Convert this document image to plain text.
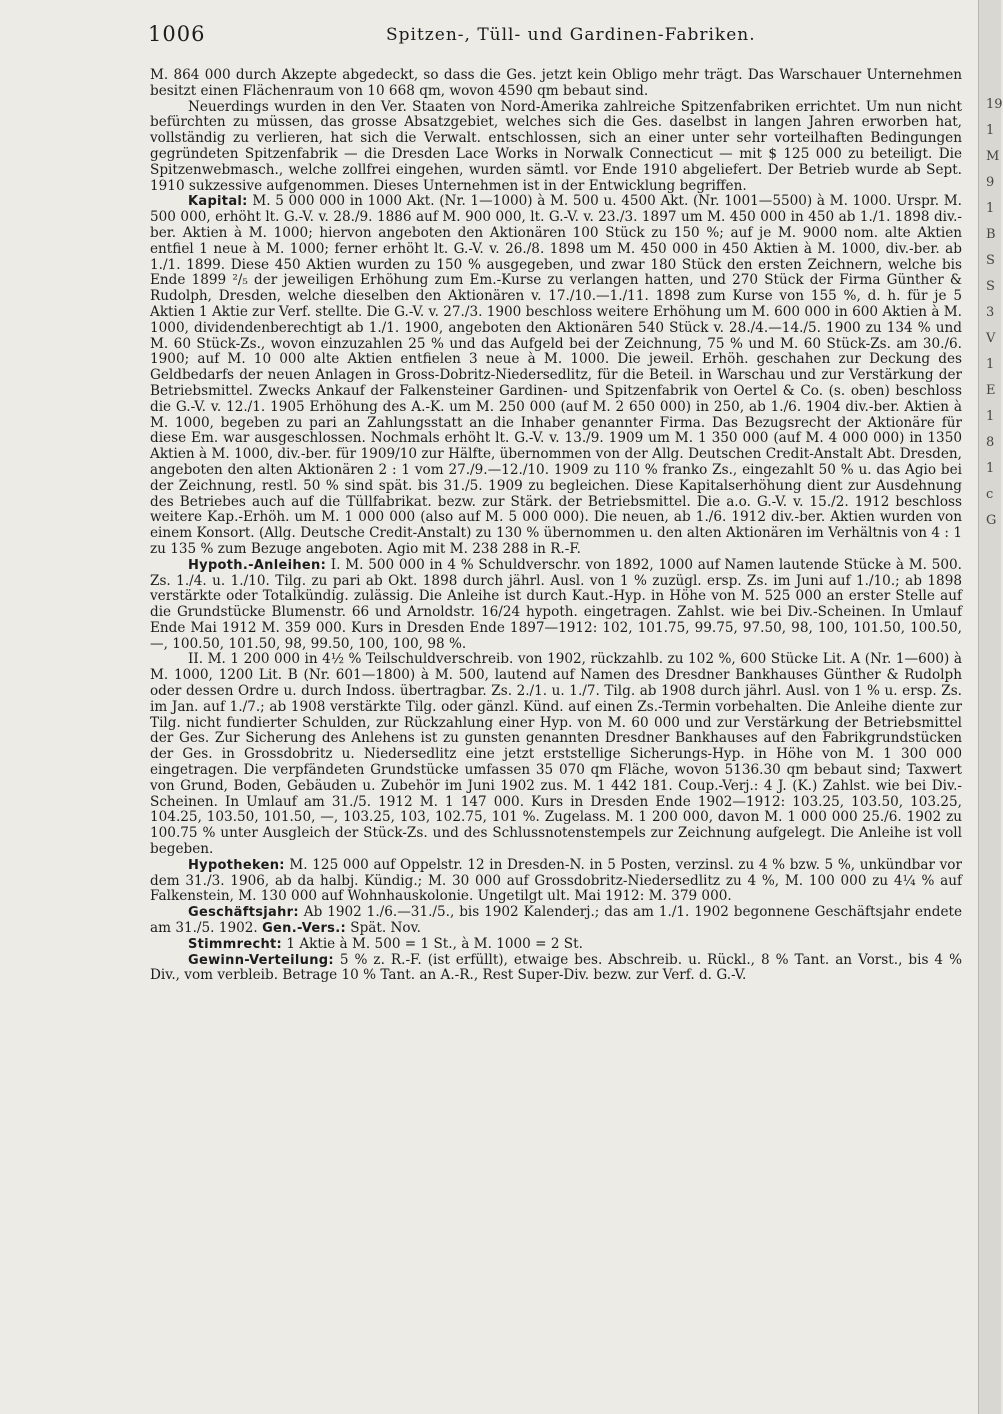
19
1
M
9
1
B
S
S
3
V
1
E
1
8
1
c
G
1006	Spitzen-, Tüll- und Gardinen-Fabriken.

M. 864 000 durch Akzepte abgedeckt, so dass die Ges. jetzt kein Obligo mehr trägt. Das Warschauer Unternehmen besitzt einen Flächenraum von 10 668 qm, wovon 4590 qm bebaut sind.

Neuerdings wurden in den Ver. Staaten von Nord-Amerika zahlreiche Spitzenfabriken errichtet. Um nun nicht befürchten zu müssen, das grosse Absatzgebiet, welches sich die Ges. daselbst in langen Jahren erworben hat, vollständig zu verlieren, hat sich die Verwalt. entschlossen, sich an einer unter sehr vorteilhaften Bedingungen gegründeten Spitzenfabrik — die Dresden Lace Works in Norwalk Connecticut — mit $ 125 000 zu beteiligt. Die Spitzenwebmasch., welche zollfrei eingehen, wurden sämtl. vor Ende 1910 abgeliefert. Der Betrieb wurde ab Sept. 1910 sukzessive aufgenommen. Dieses Unternehmen ist in der Entwicklung begriffen.

Kapital: M. 5 000 000 in 1000 Akt. (Nr. 1—1000) à M. 500 u. 4500 Akt. (Nr. 1001—5500) à M. 1000. Urspr. M. 500 000, erhöht lt. G.-V. v. 28./9. 1886 auf M. 900 000, lt. G.-V. v. 23./3. 1897 um M. 450 000 in 450 ab 1./1. 1898 div.-ber. Aktien à M. 1000; hiervon angeboten den Aktionären 100 Stück zu 150 %; auf je M. 9000 nom. alte Aktien entfiel 1 neue à M. 1000; ferner erhöht lt. G.-V. v. 26./8. 1898 um M. 450 000 in 450 Aktien à M. 1000, div.-ber. ab 1./1. 1899. Diese 450 Aktien wurden zu 150 % ausgegeben, und zwar 180 Stück den ersten Zeichnern, welche bis Ende 1899 ²/₅ der jeweiligen Erhöhung zum Em.-Kurse zu verlangen hatten, und 270 Stück der Firma Günther & Rudolph, Dresden, welche dieselben den Aktionären v. 17./10.—1./11. 1898 zum Kurse von 155 %, d. h. für je 5 Aktien 1 Aktie zur Verf. stellte. Die G.-V. v. 27./3. 1900 beschloss weitere Erhöhung um M. 600 000 in 600 Aktien à M. 1000, dividendenberechtigt ab 1./1. 1900, angeboten den Aktionären 540 Stück v. 28./4.—14./5. 1900 zu 134 % und M. 60 Stück-Zs., wovon einzuzahlen 25 % und das Aufgeld bei der Zeichnung, 75 % und M. 60 Stück-Zs. am 30./6. 1900; auf M. 10 000 alte Aktien entfielen 3 neue à M. 1000. Die jeweil. Erhöh. geschahen zur Deckung des Geldbedarfs der neuen Anlagen in Gross-Dobritz-Niedersedlitz, für die Beteil. in Warschau und zur Verstärkung der Betriebsmittel. Zwecks Ankauf der Falkensteiner Gardinen- und Spitzenfabrik von Oertel & Co. (s. oben) beschloss die G.-V. v. 12./1. 1905 Erhöhung des A.-K. um M. 250 000 (auf M. 2 650 000) in 250, ab 1./6. 1904 div.-ber. Aktien à M. 1000, begeben zu pari an Zahlungsstatt an die Inhaber genannter Firma. Das Bezugsrecht der Aktionäre für diese Em. war ausgeschlossen. Nochmals erhöht lt. G.-V. v. 13./9. 1909 um M. 1 350 000 (auf M. 4 000 000) in 1350 Aktien à M. 1000, div.-ber. für 1909/10 zur Hälfte, übernommen von der Allg. Deutschen Credit-Anstalt Abt. Dresden, angeboten den alten Aktionären 2 : 1 vom 27./9.—12./10. 1909 zu 110 % franko Zs., eingezahlt 50 % u. das Agio bei der Zeichnung, restl. 50 % sind spät. bis 31./5. 1909 zu begleichen. Diese Kapitalserhöhung dient zur Ausdehnung des Betriebes auch auf die Tüllfabrikat. bezw. zur Stärk. der Betriebsmittel. Die a.o. G.-V. v. 15./2. 1912 beschloss weitere Kap.-Erhöh. um M. 1 000 000 (also auf M. 5 000 000). Die neuen, ab 1./6. 1912 div.-ber. Aktien wurden von einem Konsort. (Allg. Deutsche Credit-Anstalt) zu 130 % übernommen u. den alten Aktionären im Verhältnis von 4 : 1 zu 135 % zum Bezuge angeboten. Agio mit M. 238 288 in R.-F.

Hypoth.-Anleihen: I. M. 500 000 in 4 % Schuldverschr. von 1892, 1000 auf Namen lautende Stücke à M. 500. Zs. 1./4. u. 1./10. Tilg. zu pari ab Okt. 1898 durch jährl. Ausl. von 1 % zuzügl. ersp. Zs. im Juni auf 1./10.; ab 1898 verstärkte oder Totalkündig. zulässig. Die Anleihe ist durch Kaut.-Hyp. in Höhe von M. 525 000 an erster Stelle auf die Grundstücke Blumenstr. 66 und Arnoldstr. 16/24 hypoth. eingetragen. Zahlst. wie bei Div.-Scheinen. In Umlauf Ende Mai 1912 M. 359 000. Kurs in Dresden Ende 1897—1912: 102, 101.75, 99.75, 97.50, 98, 100, 101.50, 100.50, —, 100.50, 101.50, 98, 99.50, 100, 100, 98 %.

II. M. 1 200 000 in 4½ % Teilschuldverschreib. von 1902, rückzahlb. zu 102 %, 600 Stücke Lit. A (Nr. 1—600) à M. 1000, 1200 Lit. B (Nr. 601—1800) à M. 500, lautend auf Namen des Dresdner Bankhauses Günther & Rudolph oder dessen Ordre u. durch Indoss. übertragbar. Zs. 2./1. u. 1./7. Tilg. ab 1908 durch jährl. Ausl. von 1 % u. ersp. Zs. im Jan. auf 1./7.; ab 1908 verstärkte Tilg. oder gänzl. Künd. auf einen Zs.-Termin vorbehalten. Die Anleihe diente zur Tilg. nicht fundierter Schulden, zur Rückzahlung einer Hyp. von M. 60 000 und zur Verstärkung der Betriebsmittel der Ges. Zur Sicherung des Anlehens ist zu gunsten genannten Dresdner Bankhauses auf den Fabrikgrundstücken der Ges. in Grossdobritz u. Niedersedlitz eine jetzt erststellige Sicherungs-Hyp. in Höhe von M. 1 300 000 eingetragen. Die verpfändeten Grundstücke umfassen 35 070 qm Fläche, wovon 5136.30 qm bebaut sind; Taxwert von Grund, Boden, Gebäuden u. Zubehör im Juni 1902 zus. M. 1 442 181. Coup.-Verj.: 4 J. (K.) Zahlst. wie bei Div.-Scheinen. In Umlauf am 31./5. 1912 M. 1 147 000. Kurs in Dresden Ende 1902—1912: 103.25, 103.50, 103.25, 104.25, 103.50, 101.50, —, 103.25, 103, 102.75, 101 %. Zugelass. M. 1 200 000, davon M. 1 000 000 25./6. 1902 zu 100.75 % unter Ausgleich der Stück-Zs. und des Schlussnotenstempels zur Zeichnung aufgelegt. Die Anleihe ist voll begeben.

Hypotheken: M. 125 000 auf Oppelstr. 12 in Dresden-N. in 5 Posten, verzinsl. zu 4 % bzw. 5 %, unkündbar vor dem 31./3. 1906, ab da halbj. Kündig.; M. 30 000 auf Grossdobritz-Niedersedlitz zu 4 %, M. 100 000 zu 4¼ % auf Falkenstein, M. 130 000 auf Wohnhauskolonie. Ungetilgt ult. Mai 1912: M. 379 000.

Geschäftsjahr: Ab 1902 1./6.—31./5., bis 1902 Kalenderj.; das am 1./1. 1902 begonnene Geschäftsjahr endete am 31./5. 1902. Gen.-Vers.: Spät. Nov.

Stimmrecht: 1 Aktie à M. 500 = 1 St., à M. 1000 = 2 St.

Gewinn-Verteilung: 5 % z. R.-F. (ist erfüllt), etwaige bes. Abschreib. u. Rückl., 8 % Tant. an Vorst., bis 4 % Div., vom verbleib. Betrage 10 % Tant. an A.-R., Rest Super-Div. bezw. zur Verf. d. G.-V.
